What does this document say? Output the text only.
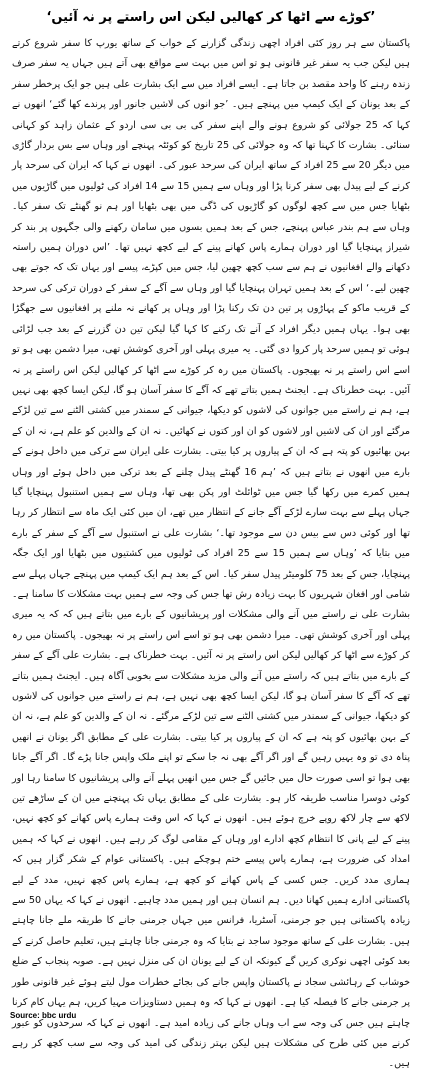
’کوڑے سے اٹھا کر کھالیں لیکن اس راستے پر نہ آئیں‘

پاکستان سے ہر روز کئی افراد اچھی زندگی گزارنے کے خواب کے ساتھ یورپ کا سفر شروع کرتے ہیں لیکن جب یہ سفر غیر قانونی ہو تو اس میں بہت سے مواقع بھی آتے ہیں جہاں یہ سفر صرف زندہ رہنے کا واحد مقصد بن جاتا ہے۔ ایسے افراد میں سے ایک بشارت علی ہیں جو ایک پرخطر سفر کے بعد یونان کے ایک کیمپ میں پہنچے ہیں۔ ’جو انوں کی لاشیں جانور اور پرندے کھا گئے‘ انھوں نے کہا کہ 25 جولائی کو شروع ہونے والے اپنے سفر کی بی بی سی اردو کے عثمان زاہد کو کہانی سنائی۔ بشارت کا کہنا تھا کہ وہ جولائی کی 25 تاریخ کو کوئٹہ پہنچے اور وہاں سے بس بردار گاڑی میں دیگر 20 سے 25 افراد کے ساتھ ایران کی سرحد عبور کی۔ انھوں نے کہا کہ ایران کی سرحد پار کرنے کے لیے پیدل بھی سفر کرنا پڑا اور وہاں سے ہمیں 15 سے 14 افراد کی ٹولیوں میں گاڑیوں میں بٹھایا جس میں سے کچھ لوگوں کو گاڑیوں کی ڈگی میں بھی بٹھایا اور ہم نو گھنٹے تک سفر کیا۔ وہاں سے ہم بندر عباس پہنچے، جس کے بعد ہمیں بسوں میں سامان رکھنے والی جگہوں پر بند کر شیراز پہنچایا گیا اور دوران ہمارے پاس کھانے پینے کے لیے کچھ نہیں تھا۔ ’اس دوران ہمیں راستہ دکھانے والے افغانیوں نے ہم سے سب کچھ چھین لیا، جس میں کپڑے، پیسے اور یہاں تک کہ جوتے بھی چھین لیے۔‘ اس کے بعد ہمیں تہران پہنچایا گیا اور وہاں سے آگے کے سفر کے دوران ترکی کی سرحد کے قریب ماکو کے پہاڑوں پر تین دن تک رکنا پڑا اور وہاں پر کھانے نہ ملنے پر افغانیوں سے جھگڑا بھی ہوا۔ یہاں ہمیں دیگر افراد کے آنے تک رکنے کا کہا گیا لیکن تین دن گزرنے کے بعد جب لڑائی ہوئی تو ہمیں سرحد پار کروا دی گئی۔ یہ میری پہلی اور آخری کوشش تھی، میرا دشمن بھی ہو تو اسے اس راستے پر نہ بھیجوں۔ پاکستان میں رہ کر کوڑے سے اٹھا کر کھالیں لیکن اس راستے پر نہ آئیں۔ بہت خطرناک ہے۔ ایجنٹ ہمیں بتاتے تھے کہ آگے کا سفر آسان ہو گا، لیکن ایسا کچھ بھی نہیں ہے، ہم نے راستے میں جوانوں کی لاشوں کو دیکھا، جیوانی کے سمندر میں کشتی الٹنے سے تین لڑکے مرگئے اور ان کی لاشیں اور لاشوں کو ان اور کتوں نے کھائیں۔ نہ ان کے والدین کو علم ہے، نہ ان کے بہن بھائیوں کو پتہ ہے کہ ان کے پیاروں پر کیا بیتی۔ بشارت علی ایران سے ترکی میں داخل ہونے کے بارے میں انھوں نے بتاتے ہیں کہ ’ہم 16 گھنٹے پیدل چلنے کے بعد ترکی میں داخل ہوئے اور وہاں ہمیں کمرے میں رکھا گیا جس میں ٹوائلٹ اور پکن بھی تھا، وہاں سے ہمیں استنبول پہنچایا گیا جہاں پہلے سے بہت سارے لڑکے آگے جانے کے انتظار میں تھے، ان میں کئی ایک ماہ سے انتظار کر رہا تھا اور کوئی دس سے بیس دن سے موجود تھا۔‘ بشارت علی نے استنبول سے آگے کے سفر کے بارے میں بتایا کہ ’وہاں سے ہمیں 15 سے 25 افراد کی ٹولیوں میں کشتیوں میں بٹھایا اور ایک جگہ پہنچایا، جس کے بعد 75 کلومیٹر پیدل سفر کیا۔ اس کے بعد ہم ایک کیمپ میں پہنچے جہاں پہلے سے شامی اور افغان شہریوں کا بہت زیادہ رش تھا جس کی وجہ سے ہمیں بہت مشکلات کا سامنا ہے۔ بشارت علی نے راستے میں آنے والی مشکلات اور پریشانیوں کے بارے میں بتاتے ہیں کہ کہ یہ میری پہلی اور آخری کوشش تھی۔ میرا دشمن بھی ہو تو اسے اس راستے پر نہ بھیجوں۔ پاکستان میں رہ کر کوڑے سے اٹھا کر کھالیں لیکن اس راستے پر نہ آئیں۔ بہت خطرناک ہے۔ بشارت علی آگے کے سفر کے بارے میں بتاتے ہیں کہ راستے میں آنے والی مزید مشکلات سے بخوبی آگاہ ہیں۔ ایجنٹ ہمیں بتاتے تھے کہ آگے کا سفر آسان ہو گا، لیکن ایسا کچھ بھی نہیں ہے، ہم نے راستے میں جوانوں کی لاشوں کو دیکھا، جیوانی کے سمندر میں کشتی الٹنے سے تین لڑکے مرگئے۔ نہ ان کے والدین کو علم ہے، نہ ان کے بہن بھائیوں کو پتہ ہے کہ ان کے پیاروں پر کیا بیتی۔ بشارت علی کے مطابق اگر یونان نے انھیں پناہ دی تو وہ یہیں رہیں گے اور اگر آگے بھی نہ جا سکے تو اپنے ملک واپس جانا پڑے گا۔ اگر آگے جانا بھی ہوا تو اسی صورت حال میں جائیں گے جس میں انھیں پہلے آنے والی پریشانیوں کا سامنا رہا اور کوئی دوسرا مناسب طریقہ کار ہو۔ بشارت علی کے مطابق یہاں تک پہنچنے میں ان کے ساڑھے تین لاکھ سے چار لاکھ روپے خرچ ہوئے ہیں۔ انھوں نے کہا کہ اس وقت ہمارے پاس کھانے کو کچھ نہیں، پینے کے لیے پانی کا انتظام کچھ ادارے اور وہاں کے مقامی لوگ کر رہے ہیں۔ انھوں نے کہا کہ ہمیں امداد کی ضرورت ہے، ہمارے پاس پیسے ختم ہوچکے ہیں۔ پاکستانی عوام کے شکر گزار ہیں کہ ہماری مدد کریں۔ جس کسی کے پاس کھانے کو کچھ ہے، ہمارے پاس کچھ نہیں، مدد کے لیے پاکستانی ادارے ہمیں کھانا دیں۔ ہم انسان ہیں اور ہمیں مدد چاہیے۔ انھوں نے کہا کہ یہاں 50 سے زیادہ پاکستانی ہیں جو جرمنی، آسٹریا، فرانس میں جہاں جرمنی جانے کا طریقہ ملے جانا چاہتے ہیں۔ بشارت علی کے ساتھ موجود ساجد نے بتایا کہ وہ جرمنی جانا چاہتے ہیں، تعلیم حاصل کرنے کے بعد کوئی اچھی نوکری کریں گے کیونکہ ان کے لیے یونان ان کی منزل نہیں ہے۔ صوبہ پنجاب کے ضلع خوشاب کے رہائشی سجاد نے پاکستان واپس جانے کی بجائے خطرات مول لیتے ہوئے غیر قانونی طور پر جرمنی جانے کا فیصلہ کیا ہے۔ انھوں نے کہا کہ وہ ہمیں دستاویزات مہیا کریں، ہم یہاں کام کرنا چاہتے ہیں جس کی وجہ سے اب وہاں جانے کی زیادہ امید ہے۔ انھوں نے کہا کہ سرحدوں کو عبور کرنے میں کئی طرح کی مشکلات ہیں لیکن بہتر زندگی کی امید کی وجہ سے سب کچھ کر رہے ہیں۔

Source: bbc urdu
